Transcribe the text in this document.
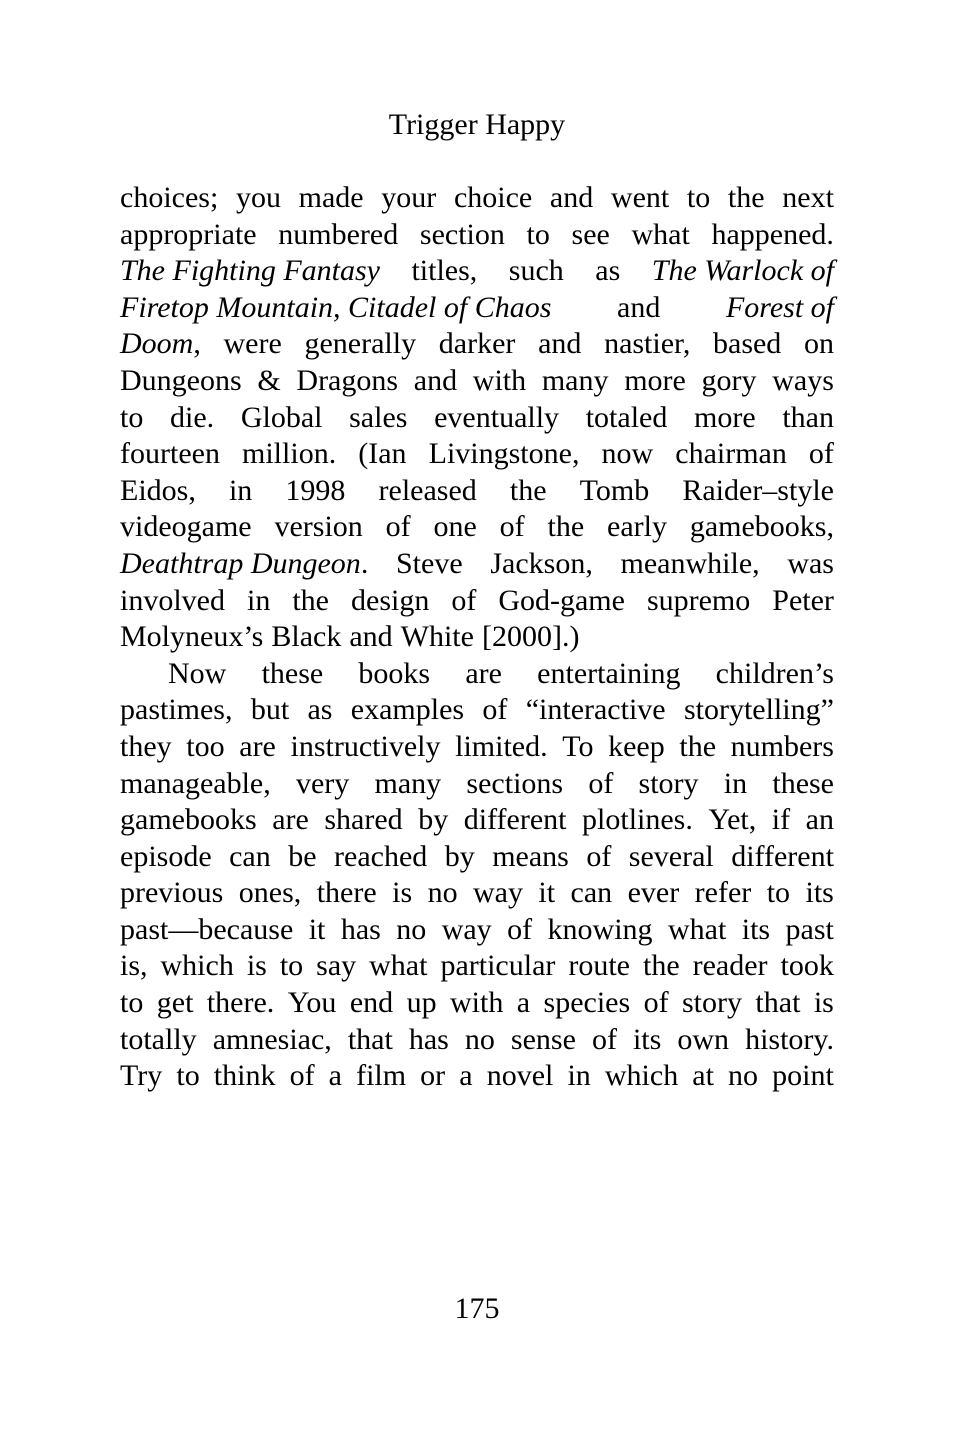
Trigger Happy
choices; you made your choice and went to the next
appropriate numbered section to see what happened.
The Fighting Fantasy titles, such as The Warlock of
Firetop Mountain, Citadel of Chaos and Forest of
Doom, were generally darker and nastier, based on
Dungeons & Dragons and with many more gory ways
to die. Global sales eventually totaled more than
fourteen million. (Ian Livingstone, now chairman of
Eidos, in 1998 released the Tomb Raider–style
videogame version of one of the early gamebooks,
Deathtrap Dungeon. Steve Jackson, meanwhile, was
involved in the design of God-game supremo Peter
Molyneux’s Black and White [2000].)
Now these books are entertaining children’s
pastimes, but as examples of “interactive storytelling”
they too are instructively limited. To keep the numbers
manageable, very many sections of story in these
gamebooks are shared by different plotlines. Yet, if an
episode can be reached by means of several different
previous ones, there is no way it can ever refer to its
past—because it has no way of knowing what its past
is, which is to say what particular route the reader took
to get there. You end up with a species of story that is
totally amnesiac, that has no sense of its own history.
Try to think of a film or a novel in which at no point
175
